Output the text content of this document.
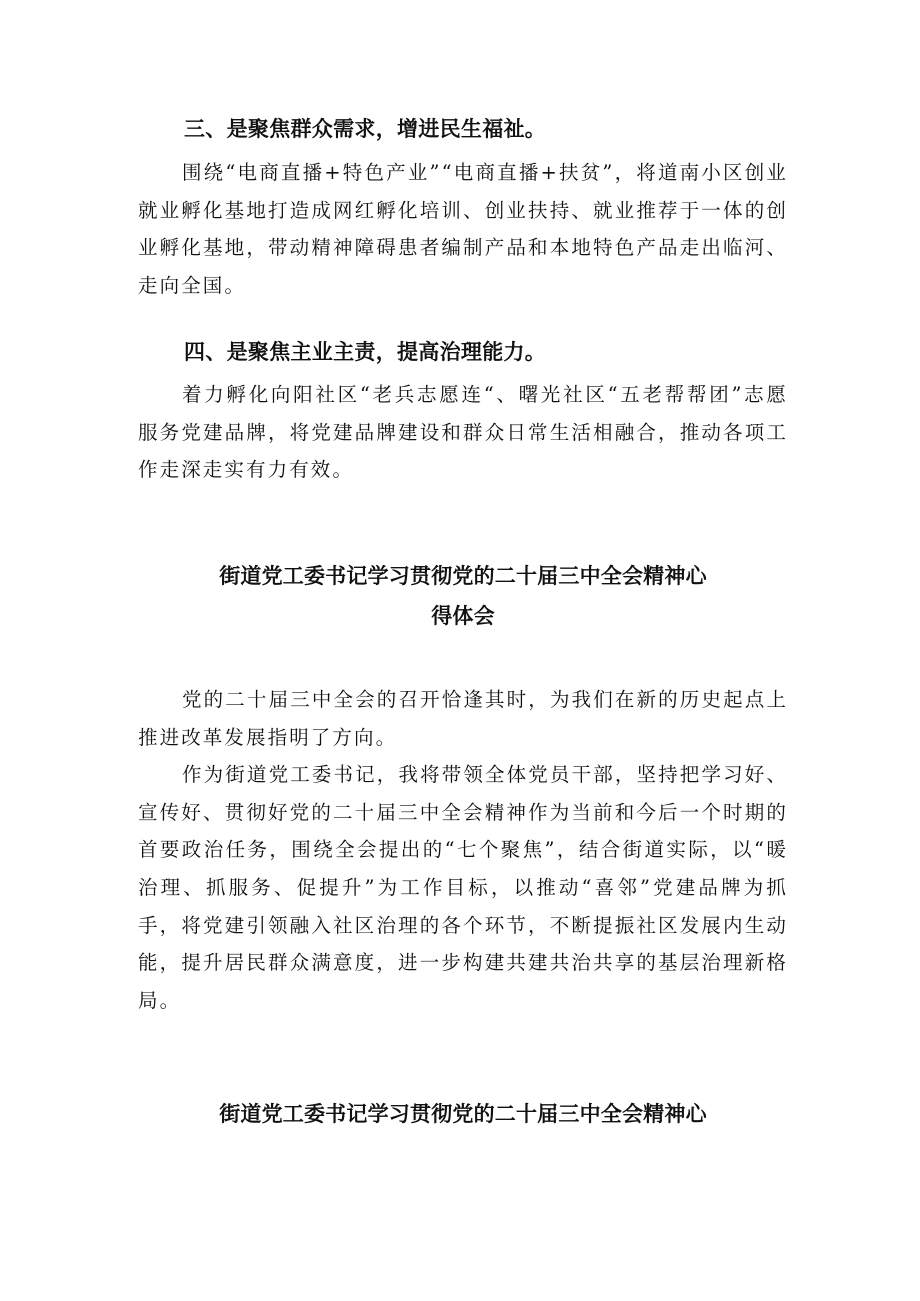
三、是聚焦群众需求，增进民生福祉。

围绕“电商直播+特色产业”“电商直播+扶贫”，将道南小区创业就业孵化基地打造成网红孵化培训、创业扶持、就业推荐于一体的创业孵化基地，带动精神障碍患者编制产品和本地特色产品走出临河、走向全国。

四、是聚焦主业主责，提高治理能力。

着力孵化向阳社区“老兵志愿连“、曙光社区“五老帮帮团”志愿服务党建品牌，将党建品牌建设和群众日常生活相融合，推动各项工作走深走实有力有效。

街道党工委书记学习贯彻党的二十届三中全会精神心
得体会

党的二十届三中全会的召开恰逢其时，为我们在新的历史起点上推进改革发展指明了方向。

作为街道党工委书记，我将带领全体党员干部，坚持把学习好、宣传好、贯彻好党的二十届三中全会精神作为当前和今后一个时期的首要政治任务，围绕全会提出的“七个聚焦”，结合街道实际，以“暖治理、抓服务、促提升”为工作目标，以推动“喜邻”党建品牌为抓手，将党建引领融入社区治理的各个环节，不断提振社区发展内生动能，提升居民群众满意度，进一步构建共建共治共享的基层治理新格局。

街道党工委书记学习贯彻党的二十届三中全会精神心
